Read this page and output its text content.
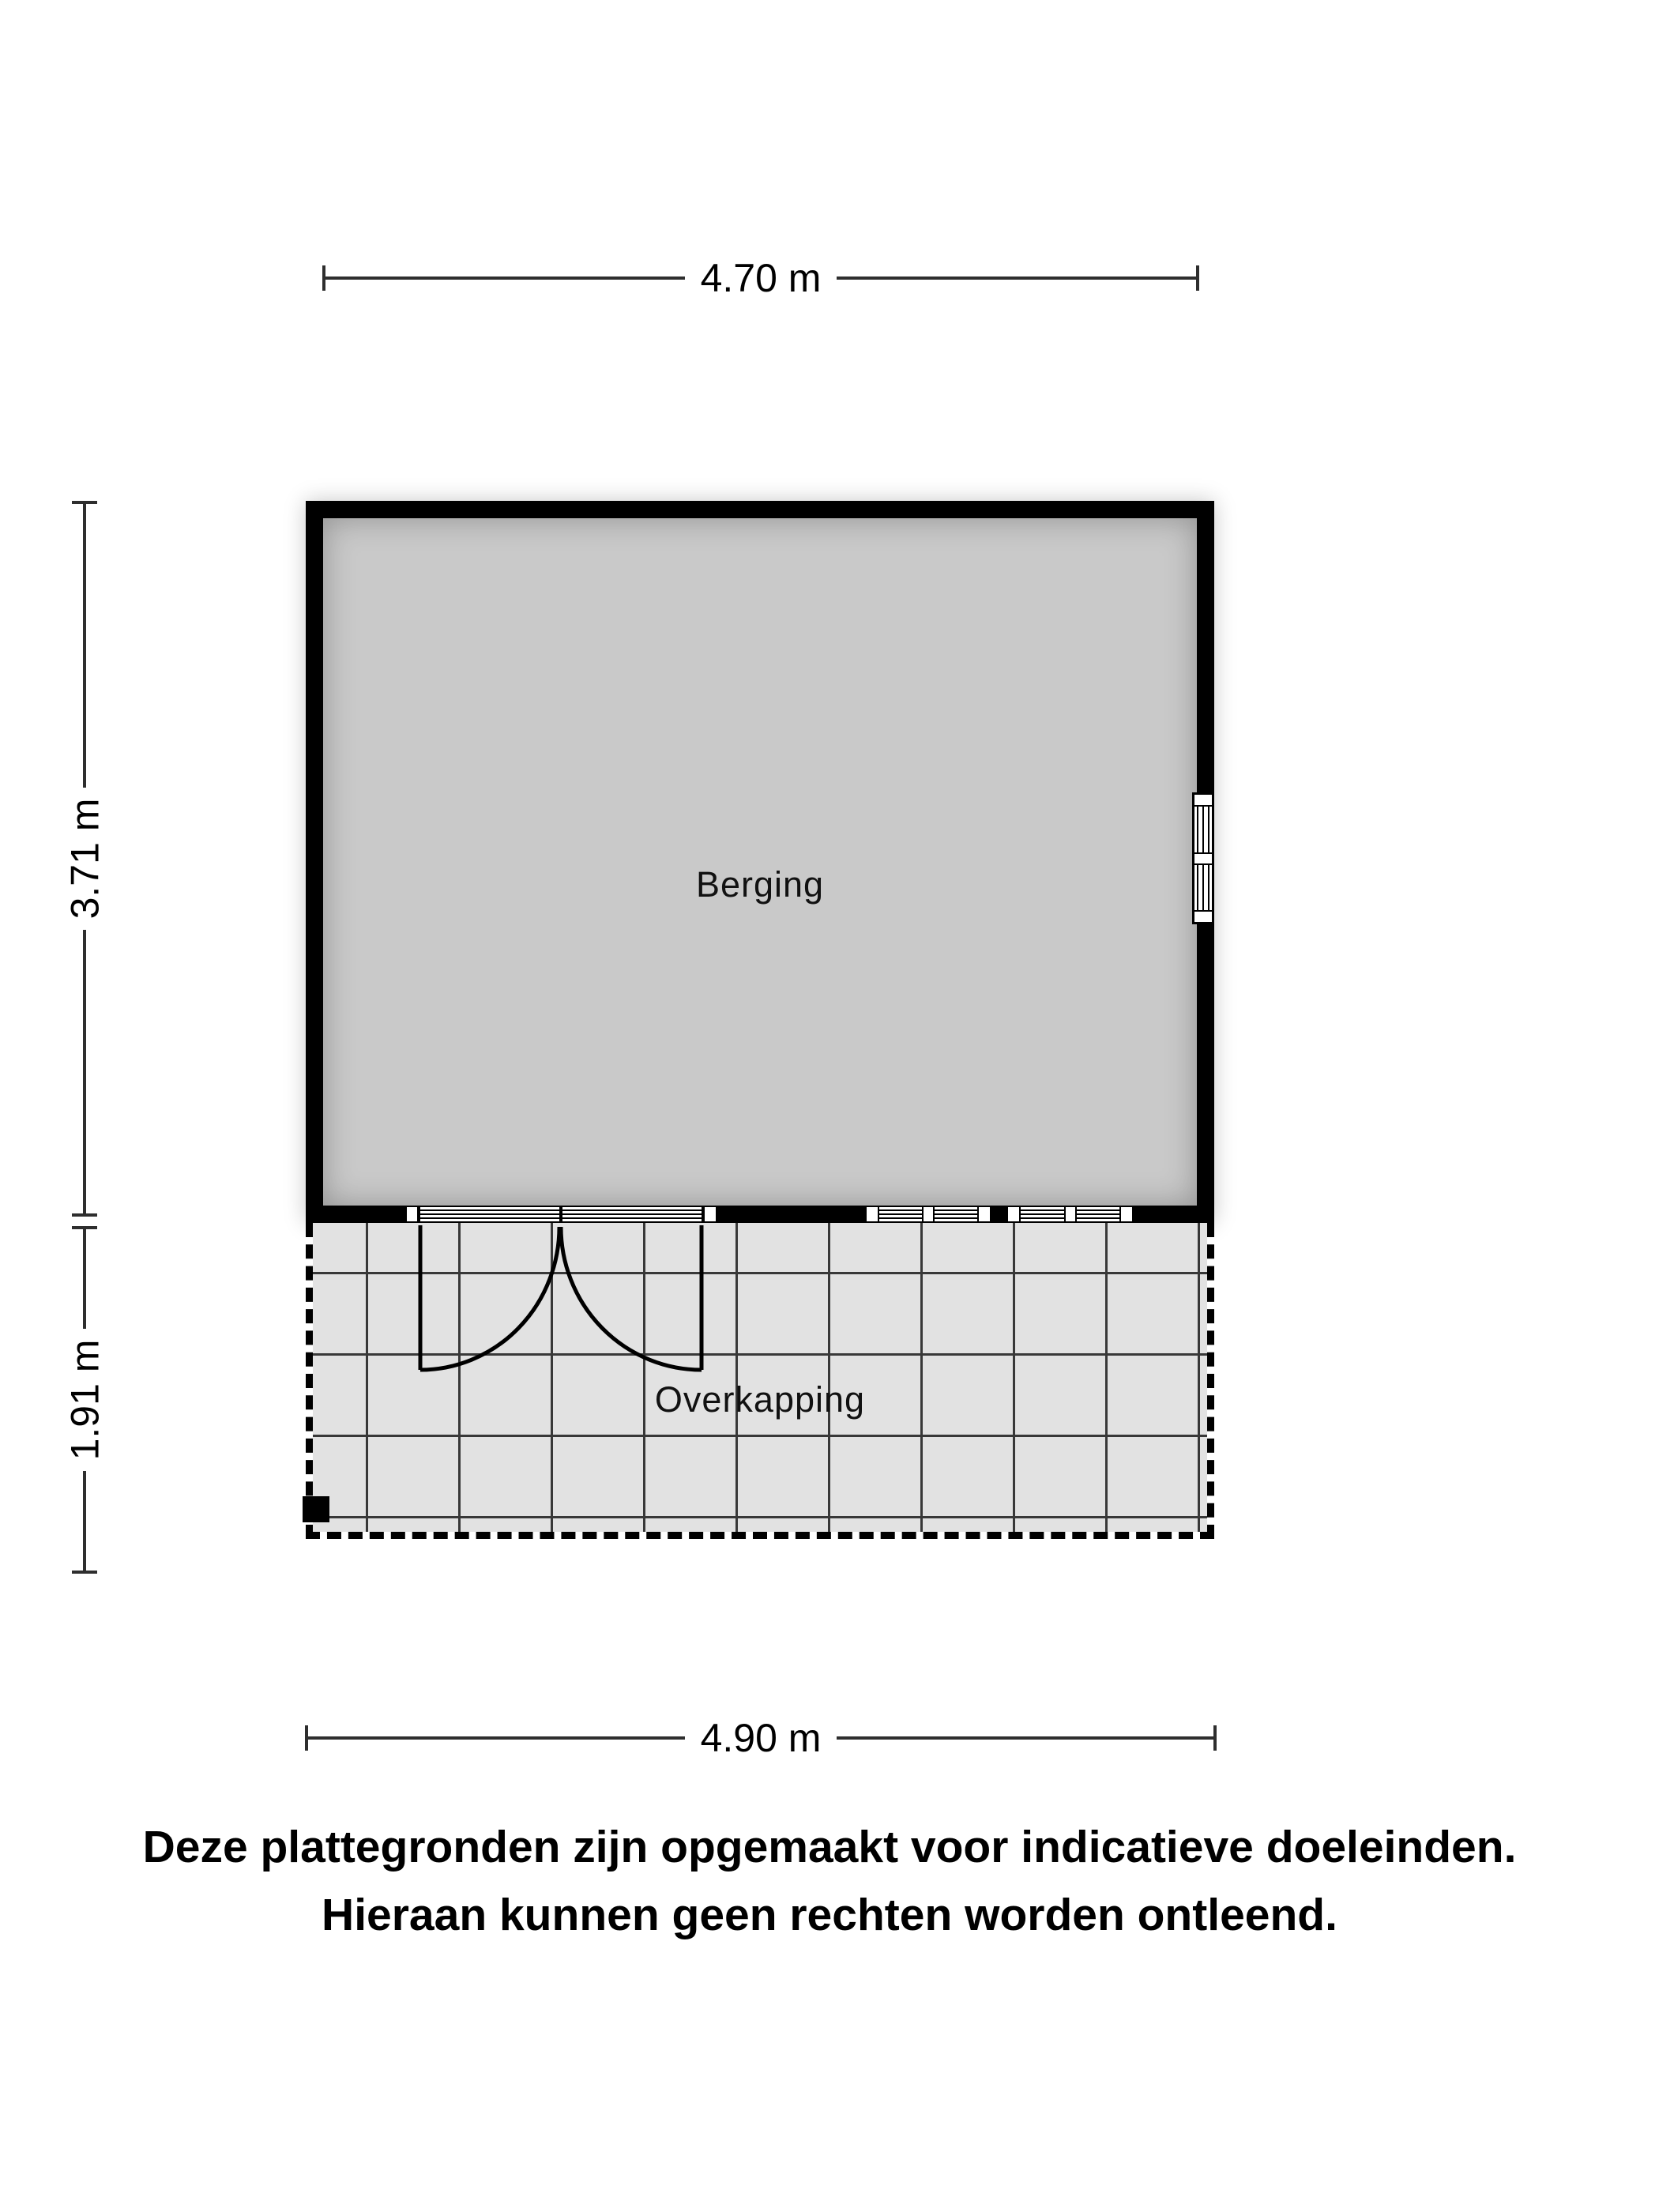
4.70 m
3.71 m
1.91 m
Berging
Overkapping
4.90 m
Deze plattegronden zijn opgemaakt voor indicatieve doeleinden.
Hieraan kunnen geen rechten worden ontleend.
